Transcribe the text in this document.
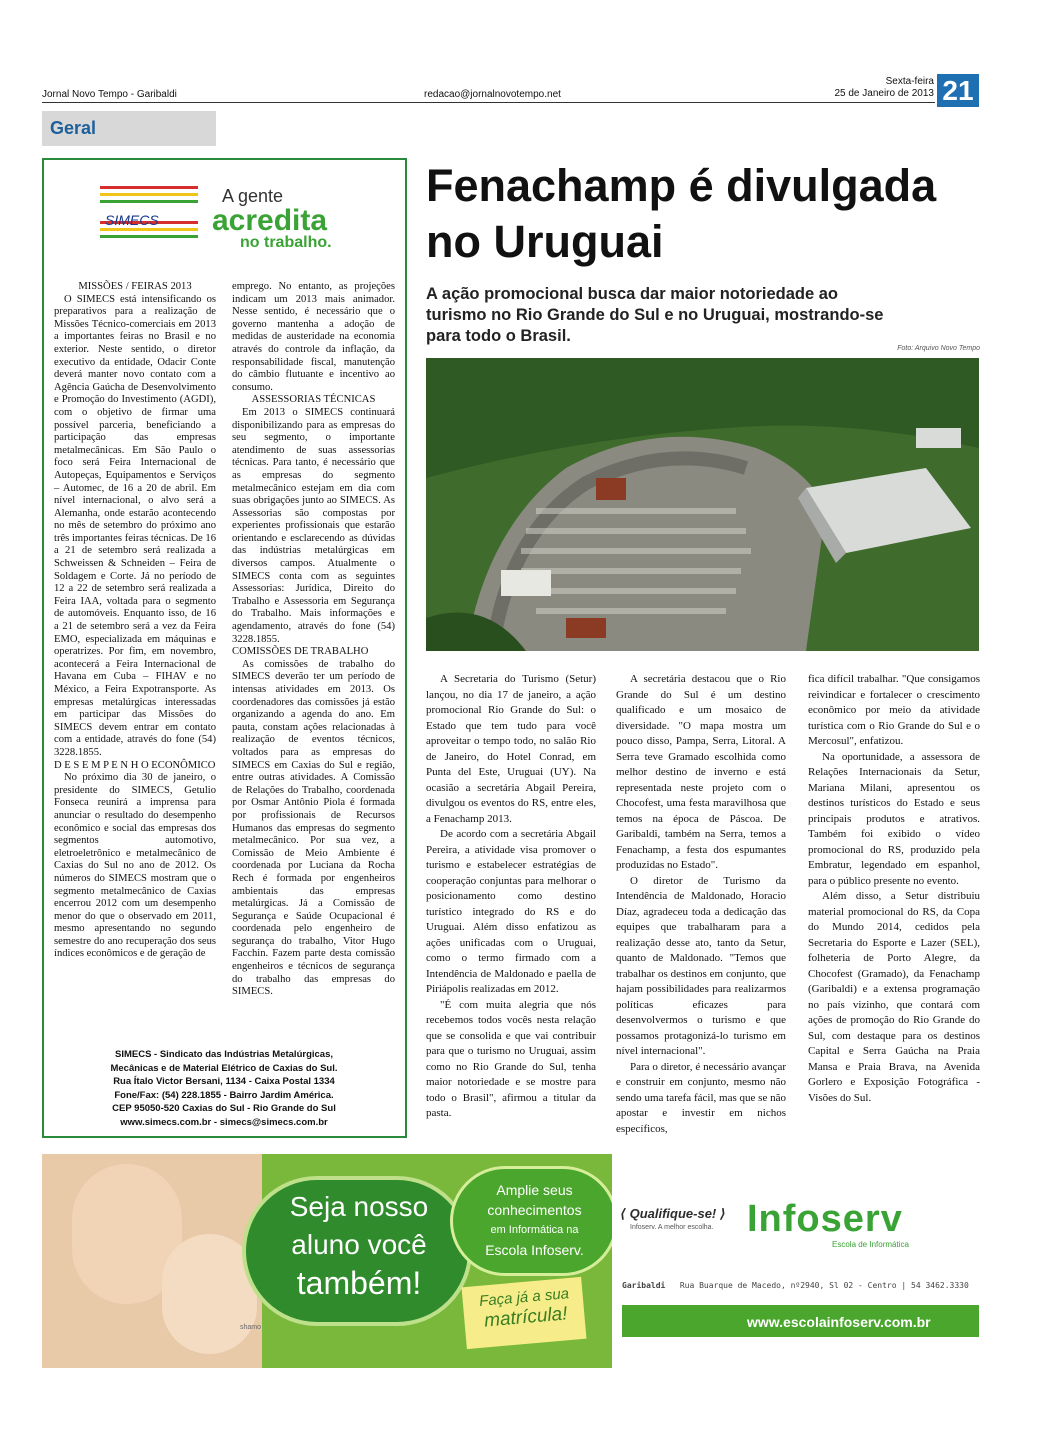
Jornal Novo Tempo - Garibaldi	redacao@jornalnovotempo.net
Sexta-feira
25 de Janeiro de 2013 21
Geral
SIMECS
A gente
acredita
no trabalho.

MISSÕES / FEIRAS 2013

O SIMECS está intensificando os preparativos para a realização de Missões Técnico-comerciais em 2013 a importantes feiras no Brasil e no exterior. Neste sentido, o diretor executivo da entidade, Odacir Conte deverá manter novo contato com a Agência Gaúcha de Desenvolvimento e Promoção do Investimento (AGDI), com o objetivo de firmar uma possível parceria, beneficiando a participação das empresas metalmecânicas. Em São Paulo o foco será Feira Internacional de Autopeças, Equipamentos e Serviços – Automec, de 16 a 20 de abril. Em nível internacional, o alvo será a Alemanha, onde estarão acontecendo no mês de setembro do próximo ano três importantes feiras técnicas. De 16 a 21 de setembro será realizada a Schweissen & Schneiden – Feira de Soldagem e Corte. Já no período de 12 a 22 de setembro será realizada a Feira IAA, voltada para o segmento de automóveis. Enquanto isso, de 16 a 21 de setembro será a vez da Feira EMO, especializada em máquinas e operatrizes. Por fim, em novembro, acontecerá a Feira Internacional de Havana em Cuba – FIHAV e no México, a Feira Expotransporte. As empresas metalúrgicas interessadas em participar das Missões do SIMECS devem entrar em contato com a entidade, através do fone (54) 3228.1855.

D E S E M P E N H O ECONÔMICO

No próximo dia 30 de janeiro, o presidente do SIMECS, Getulio Fonseca reunirá a imprensa para anunciar o resultado do desempenho econômico e social das empresas dos segmentos automotivo, eletroeletrônico e metalmecânico de Caxias do Sul no ano de 2012. Os números do SIMECS mostram que o segmento metalmecânico de Caxias encerrou 2012 com um desempenho menor do que o observado em 2011, mesmo apresentando no segundo semestre do ano recuperação dos seus índices econômicos e de geração de

emprego. No entanto, as projeções indicam um 2013 mais animador. Nesse sentido, é necessário que o governo mantenha a adoção de medidas de austeridade na economia através do controle da inflação, da responsabilidade fiscal, manutenção do câmbio flutuante e incentivo ao consumo.

ASSESSORIAS TÉCNICAS

Em 2013 o SIMECS continuará disponibilizando para as empresas do seu segmento, o importante atendimento de suas assessorias técnicas. Para tanto, é necessário que as empresas do segmento metalmecânico estejam em dia com suas obrigações junto ao SIMECS. As Assessorias são compostas por experientes profissionais que estarão orientando e esclarecendo as dúvidas das indústrias metalúrgicas em diversos campos. Atualmente o SIMECS conta com as seguintes Assessorias: Jurídica, Direito do Trabalho e Assessoria em Segurança do Trabalho. Mais informações e agendamento, através do fone (54) 3228.1855.

COMISSÕES DE TRABALHO

As comissões de trabalho do SIMECS deverão ter um período de intensas atividades em 2013. Os coordenadores das comissões já estão organizando a agenda do ano. Em pauta, constam ações relacionadas à realização de eventos técnicos, voltados para as empresas do SIMECS em Caxias do Sul e região, entre outras atividades. A Comissão de Relações do Trabalho, coordenada por Osmar Antônio Piola é formada por profissionais de Recursos Humanos das empresas do segmento metalmecânico. Por sua vez, a Comissão de Meio Ambiente é coordenada por Luciana da Rocha Rech é formada por engenheiros ambientais das empresas metalúrgicas. Já a Comissão de Segurança e Saúde Ocupacional é coordenada pelo engenheiro de segurança do trabalho, Vitor Hugo Facchin. Fazem parte desta comissão engenheiros e técnicos de segurança do trabalho das empresas do SIMECS.

SIMECS - Sindicato das Indústrias Metalúrgicas,
Mecânicas e de Material Elétrico de Caxias do Sul.
Rua Ítalo Victor Bersani, 1134 - Caixa Postal 1334
Fone/Fax: (54) 228.1855 - Bairro Jardim América.
CEP 95050-520 Caxias do Sul - Rio Grande do Sul
www.simecs.com.br - simecs@simecs.com.br
Fenachamp é divulgada no Uruguai
A ação promocional busca dar maior notoriedade ao turismo no Rio Grande do Sul e no Uruguai, mostrando-se para todo o Brasil.
Foto: Arquivo Novo Tempo

A Secretaria do Turismo (Setur) lançou, no dia 17 de janeiro, a ação promocional Rio Grande do Sul: o Estado que tem tudo para você aproveitar o tempo todo, no salão Rio de Janeiro, do Hotel Conrad, em Punta del Este, Uruguai (UY). Na ocasião a secretária Abgail Pereira, divulgou os eventos do RS, entre eles, a Fenachamp 2013.

De acordo com a secretária Abgail Pereira, a atividade visa promover o turismo e estabelecer estratégias de cooperação conjuntas para melhorar o posicionamento como destino turístico integrado do RS e do Uruguai. Além disso enfatizou as ações unificadas com o Uruguai, como o termo firmado com a Intendência de Maldonado e paella de Piriápolis realizadas em 2012.

"É com muita alegria que nós recebemos todos vocês nesta relação que se consolida e que vai contribuir para que o turismo no Uruguai, assim como no Rio Grande do Sul, tenha maior notoriedade e se mostre para todo o Brasil", afirmou a titular da pasta.

A secretária destacou que o Rio Grande do Sul é um destino qualificado e um mosaico de diversidade. "O mapa mostra um pouco disso, Pampa, Serra, Litoral. A Serra teve Gramado escolhida como melhor destino de inverno e está representada neste projeto com o Chocofest, uma festa maravilhosa que temos na época de Páscoa. De Garibaldi, também na Serra, temos a Fenachamp, a festa dos espumantes produzidas no Estado".

O diretor de Turismo da Intendência de Maldonado, Horacio Díaz, agradeceu toda a dedicação das equipes que trabalharam para a realização desse ato, tanto da Setur, quanto de Maldonado. "Temos que trabalhar os destinos em conjunto, que hajam possibilidades para realizarmos políticas eficazes para desenvolvermos o turismo e que possamos protagonizá-lo turismo em nível internacional".

Para o diretor, é necessário avançar e construir em conjunto, mesmo não sendo uma tarefa fácil, mas que se não apostar e investir em nichos específicos,

fica difícil trabalhar. "Que consigamos reivindicar e fortalecer o crescimento econômico por meio da atividade turística com o Rio Grande do Sul e o Mercosul", enfatizou.

Na oportunidade, a assessora de Relações Internacionais da Setur, Mariana Milani, apresentou os destinos turísticos do Estado e seus principais produtos e atrativos. Também foi exibido o vídeo promocional do RS, produzido pela Embratur, legendado em espanhol, para o público presente no evento.

Além disso, a Setur distribuiu material promocional do RS, da Copa do Mundo 2014, cedidos pela Secretaria do Esporte e Lazer (SEL), folheteria de Porto Alegre, da Chocofest (Gramado), da Fenachamp (Garibaldi) e a extensa programação no país vizinho, que contará com ações de promoção do Rio Grande do Sul, com destaque para os destinos Capital e Serra Gaúcha na Praia Mansa e Praia Brava, na Avenida Gorlero e Exposição Fotográfica - Visões do Sul.

shamo
Seja nosso
aluno você
também!
Amplie seus
conhecimentos
em Informática na
Escola Infoserv.
Faça já a sua
matrícula!
⟨ Qualifique-se! ⟩
Infoserv. A melhor escolha. Infoserv
Escola de Informática
Garibaldi Rua Buarque de Macedo, nº2940, Sl 02 - Centro | 54 3462.3330
www.escolainfoserv.com.br
